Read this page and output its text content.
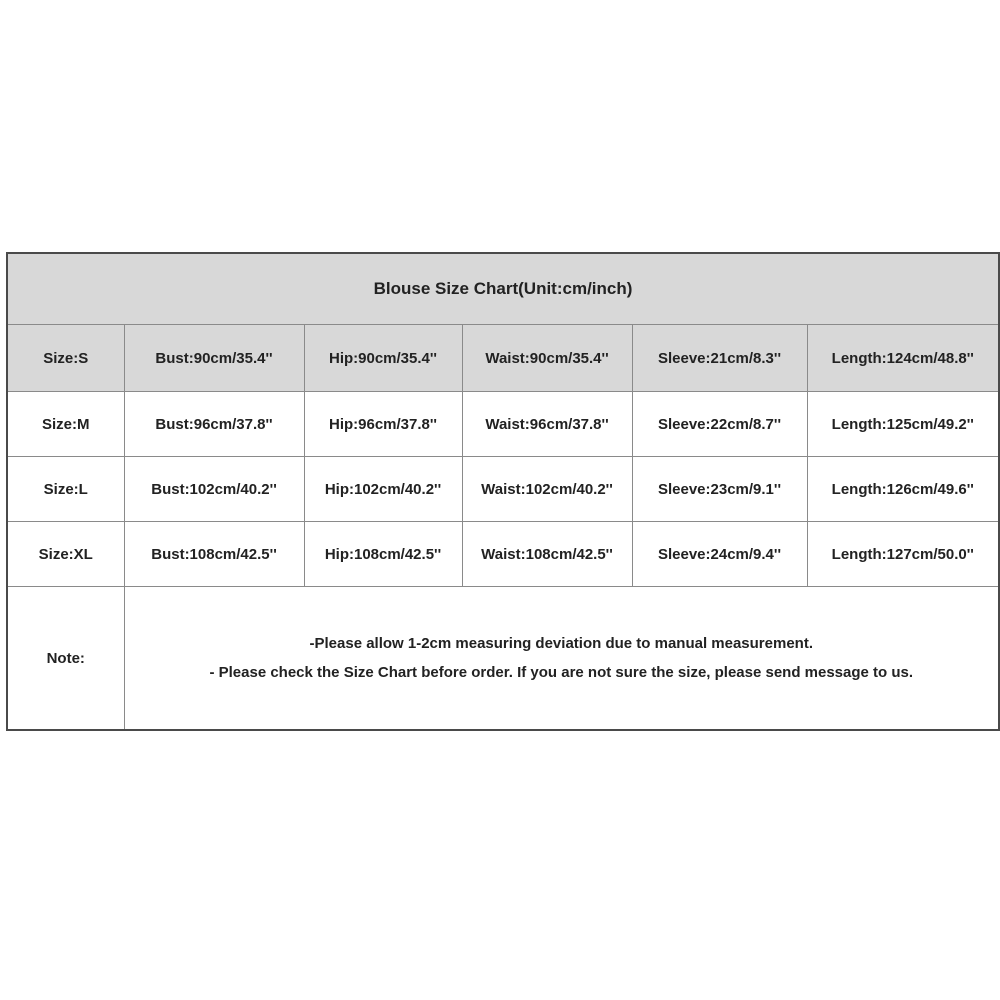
Blouse Size Chart(Unit:cm/inch)					
Size:S	Bust:90cm/35.4''	Hip:90cm/35.4''	Waist:90cm/35.4''	Sleeve:21cm/8.3''	Length:124cm/48.8''
Size:M	Bust:96cm/37.8''	Hip:96cm/37.8''	Waist:96cm/37.8''	Sleeve:22cm/8.7''	Length:125cm/49.2''
Size:L	Bust:102cm/40.2''	Hip:102cm/40.2''	Waist:102cm/40.2''	Sleeve:23cm/9.1''	Length:126cm/49.6''
Size:XL	Bust:108cm/42.5''	Hip:108cm/42.5''	Waist:108cm/42.5''	Sleeve:24cm/9.4''	Length:127cm/50.0''
Note:	-Please allow 1-2cm measuring deviation due to manual measurement.
- Please check the Size Chart before order. If you are not sure the size, please send message to us.				
